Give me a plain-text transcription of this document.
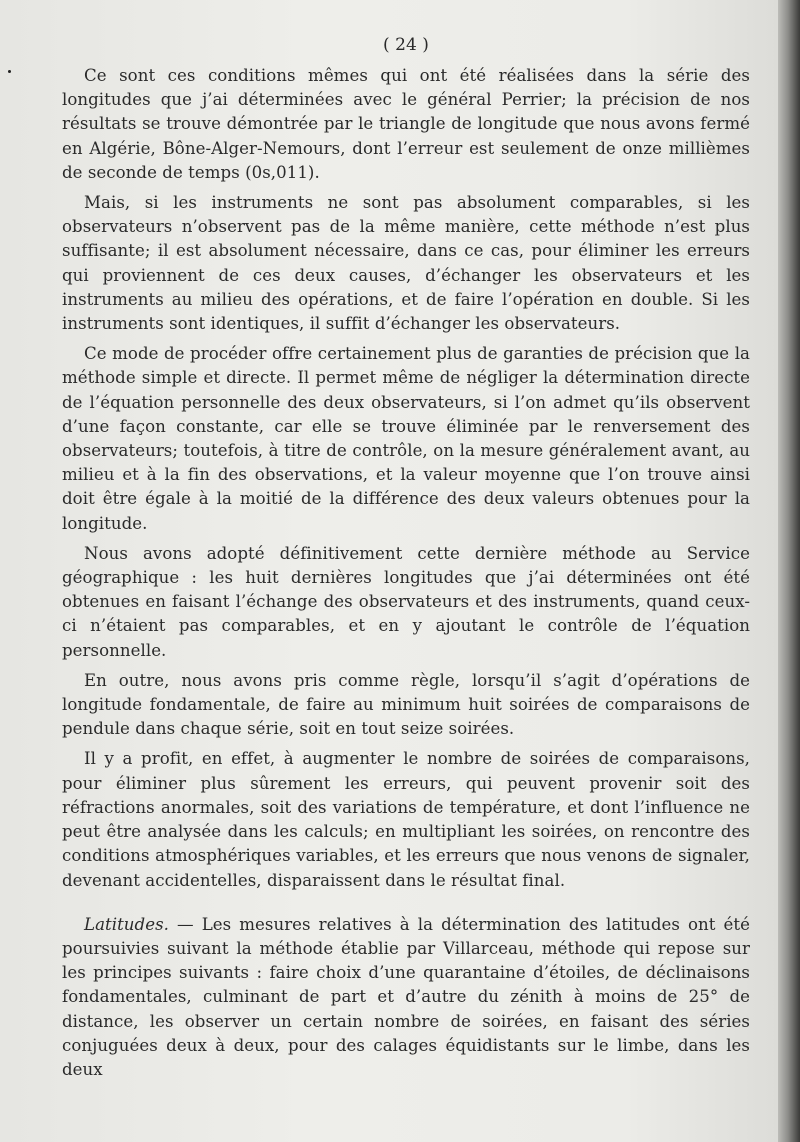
( 24 )

Ce sont ces conditions mêmes qui ont été réalisées dans la série des longitudes que j’ai déterminées avec le général Perrier; la précision de nos résultats se trouve démontrée par le triangle de longitude que nous avons fermé en Algérie, Bône-Alger-Nemours, dont l’erreur est seulement de onze millièmes de seconde de temps (0s,011).

Mais, si les instruments ne sont pas absolument comparables, si les observateurs n’observent pas de la même manière, cette méthode n’est plus suffisante; il est absolument nécessaire, dans ce cas, pour éliminer les erreurs qui proviennent de ces deux causes, d’échanger les observateurs et les instruments au milieu des opérations, et de faire l’opération en double. Si les instruments sont identiques, il suffit d’échanger les observateurs.

Ce mode de procéder offre certainement plus de garanties de précision que la méthode simple et directe. Il permet même de négliger la détermination directe de l’équation personnelle des deux observateurs, si l’on admet qu’ils observent d’une façon constante, car elle se trouve éliminée par le renversement des observateurs; toutefois, à titre de contrôle, on la mesure généralement avant, au milieu et à la fin des observations, et la valeur moyenne que l’on trouve ainsi doit être égale à la moitié de la différence des deux valeurs obtenues pour la longitude.

Nous avons adopté définitivement cette dernière méthode au Service géographique : les huit dernières longitudes que j’ai déterminées ont été obtenues en faisant l’échange des observateurs et des instruments, quand ceux-ci n’étaient pas comparables, et en y ajoutant le contrôle de l’équation personnelle.

En outre, nous avons pris comme règle, lorsqu’il s’agit d’opérations de longitude fondamentale, de faire au minimum huit soirées de comparaisons de pendule dans chaque série, soit en tout seize soirées.

Il y a profit, en effet, à augmenter le nombre de soirées de comparaisons, pour éliminer plus sûrement les erreurs, qui peuvent provenir soit des réfractions anormales, soit des variations de température, et dont l’influence ne peut être analysée dans les calculs; en multipliant les soirées, on rencontre des conditions atmosphériques variables, et les erreurs que nous venons de signaler, devenant accidentelles, disparaissent dans le résultat final.

Latitudes. — Les mesures relatives à la détermination des latitudes ont été poursuivies suivant la méthode établie par Villarceau, méthode qui repose sur les principes suivants : faire choix d’une quarantaine d’étoiles, de déclinaisons fondamentales, culminant de part et d’autre du zénith à moins de 25° de distance, les observer un certain nombre de soirées, en faisant des séries conjuguées deux à deux, pour des calages équidistants sur le limbe, dans les deux
